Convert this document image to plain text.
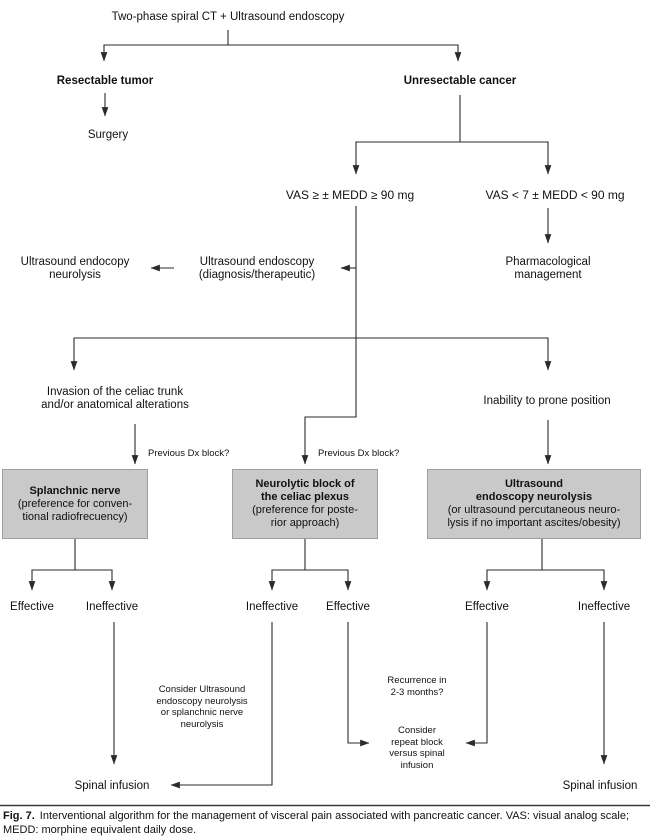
Two-phase spiral CT + Ultrasound endoscopy
Resectable tumor	Unresectable cancer
Surgery
VAS ≥ ± MEDD ≥ 90 mg	VAS < 7 ± MEDD < 90 mg
Ultrasound endocopy
neurolysis
Ultrasound endoscopy
(diagnosis/therapeutic)
Pharmacological
management
Invasion of the celiac trunk
and/or anatomical alterations	Inability to prone position
Previous Dx block?	Previous Dx block?
Splanchnic nerve
(preference for conven-
tional radiofrecuency)
Neurolytic block of
the celiac plexus
(preference for poste-
rior approach)
Ultrasound
endoscopy neurolysis
(or ultrasound percutaneous neuro-
lysis if no important ascites/obesity)
Effective	Ineffective	Ineffective Effective	Effective	Ineffective
Consider Ultrasound
endoscopy neurolysis
or splanchnic nerve
neurolysis
Recurrence in
2-3 months?
Consider
repeat block
versus spinal
infusion
Spinal infusion	Spinal infusion
Fig. 7. Interventional algorithm for the management of visceral pain associated with pancreatic cancer. VAS: visual analog scale; MEDD: morphine equivalent daily dose.
